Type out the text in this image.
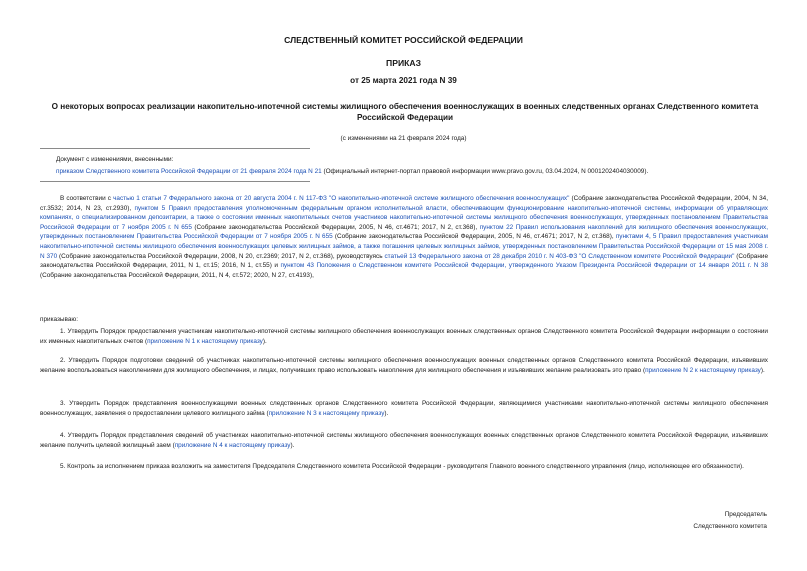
СЛЕДСТВЕННЫЙ КОМИТЕТ РОССИЙСКОЙ ФЕДЕРАЦИИ
ПРИКАЗ
от 25 марта 2021 года N 39
О некоторых вопросах реализации накопительно-ипотечной системы жилищного обеспечения военнослужащих в военных следственных органах Следственного комитета Российской Федерации
(с изменениями на 21 февраля 2024 года)
Документ с изменениями, внесенными:
приказом Следственного комитета Российской Федерации от 21 февраля 2024 года N 21 (Официальный интернет-портал правовой информации www.pravo.gov.ru, 03.04.2024, N 0001202404030009).
В соответствии с частью 1 статьи 7 Федерального закона от 20 августа 2004 г. N 117-ФЗ "О накопительно-ипотечной системе жилищного обеспечения военнослужащих" (Собрание законодательства Российской Федерации, 2004, N 34, ст.3532; 2014, N 23, ст.2930), пунктом 5 Правил предоставления уполномоченным федеральным органом исполнительной власти, обеспечивающим функционирование накопительно-ипотечной системы, информации об управляющих компаниях, о специализированном депозитарии, а также о состоянии именных накопительных счетов участников накопительно-ипотечной системы жилищного обеспечения военнослужащих, утвержденных постановлением Правительства Российской Федерации от 7 ноября 2005 г. N 655 (Собрание законодательства Российской Федерации, 2005, N 46, ст.4671; 2017, N 2, ст.368), пунктом 22 Правил использования накоплений для жилищного обеспечения военнослужащих, утвержденных постановлением Правительства Российской Федерации от 7 ноября 2005 г. N 655 (Собрание законодательства Российской Федерации, 2005, N 46, ст.4671; 2017, N 2, ст.368), пунктами 4, 5 Правил предоставления участникам накопительно-ипотечной системы жилищного обеспечения военнослужащих целевых жилищных займов, а также погашения целевых жилищных займов, утвержденных постановлением Правительства Российской Федерации от 15 мая 2008 г. N 370 (Собрание законодательства Российской Федерации, 2008, N 20, ст.2369; 2017, N 2, ст.368), руководствуясь статьей 13 Федерального закона от 28 декабря 2010 г. N 403-ФЗ "О Следственном комитете Российской Федерации" (Собрание законодательства Российской Федерации, 2011, N 1, ст.15; 2016, N 1, ст.55) и пунктом 43 Положения о Следственном комитете Российской Федерации, утвержденного Указом Президента Российской Федерации от 14 января 2011 г. N 38 (Собрание законодательства Российской Федерации, 2011, N 4, ст.572; 2020, N 27, ст.4193),
приказываю:
1. Утвердить Порядок предоставления участникам накопительно-ипотечной системы жилищного обеспечения военнослужащих военных следственных органов Следственного комитета Российской Федерации информации о состоянии их именных накопительных счетов (приложение N 1 к настоящему приказу).
2. Утвердить Порядок подготовки сведений об участниках накопительно-ипотечной системы жилищного обеспечения военнослужащих военных следственных органов Следственного комитета Российской Федерации, изъявивших желание воспользоваться накоплениями для жилищного обеспечения, и лицах, получивших право использовать накопления для жилищного обеспечения и изъявивших желание реализовать это право (приложение N 2 к настоящему приказу).
3. Утвердить Порядок представления военнослужащими военных следственных органов Следственного комитета Российской Федерации, являющимися участниками накопительно-ипотечной системы жилищного обеспечения военнослужащих, заявления о предоставлении целевого жилищного займа (приложение N 3 к настоящему приказу).
4. Утвердить Порядок представления сведений об участниках накопительно-ипотечной системы жилищного обеспечения военнослужащих военных следственных органов Следственного комитета Российской Федерации, изъявивших желание получить целевой жилищный заем (приложение N 4 к настоящему приказу).
5. Контроль за исполнением приказа возложить на заместителя Председателя Следственного комитета Российской Федерации - руководителя Главного военного следственного управления (лицо, исполняющее его обязанности).
Председатель
Следственного комитета
